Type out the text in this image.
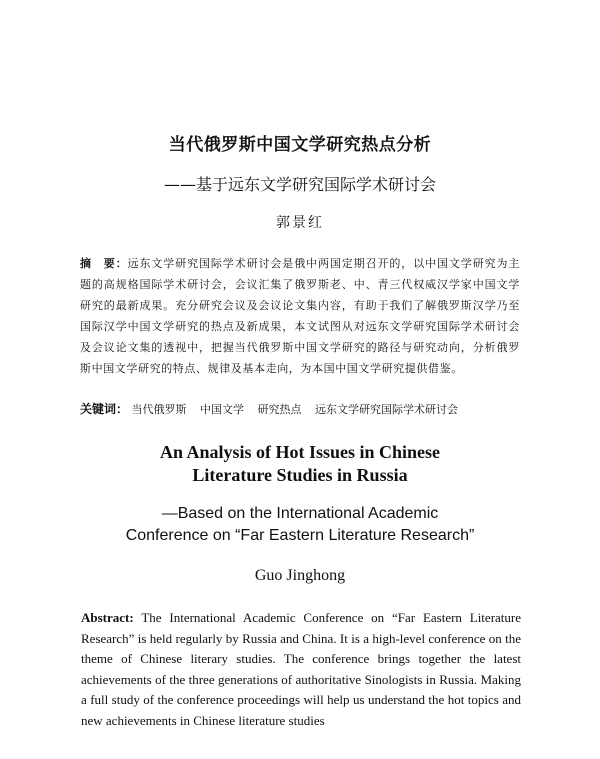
当代俄罗斯中国文学研究热点分析
——基于远东文学研究国际学术研讨会
郭景红
摘　要：远东文学研究国际学术研讨会是俄中两国定期召开的，以中国文学研究为主题的高规格国际学术研讨会，会议汇集了俄罗斯老、中、青三代权威汉学家中国文学研究的最新成果。充分研究会议及会议论文集内容，有助于我们了解俄罗斯汉学乃至国际汉学中国文学研究的热点及新成果，本文试图从对远东文学研究国际学术研讨会及会议论文集的透视中，把握当代俄罗斯中国文学研究的路径与研究动向，分析俄罗斯中国文学研究的特点、规律及基本走向，为本国中国文学研究提供借鉴。
关键词： 当代俄罗斯 中国文学 研究热点 远东文学研究国际学术研讨会
An Analysis of Hot Issues in Chinese
Literature Studies in Russia
—Based on the International Academic
Conference on “Far Eastern Literature Research”
Guo Jinghong
Abstract: The International Academic Conference on “Far Eastern Literature Research” is held regularly by Russia and China. It is a high-level conference on the theme of Chinese literary studies. The conference brings together the latest achievements of the three generations of authoritative Sinologists in Russia. Making a full study of the conference proceedings will help us understand the hot topics and new achievements in Chinese literature studies
